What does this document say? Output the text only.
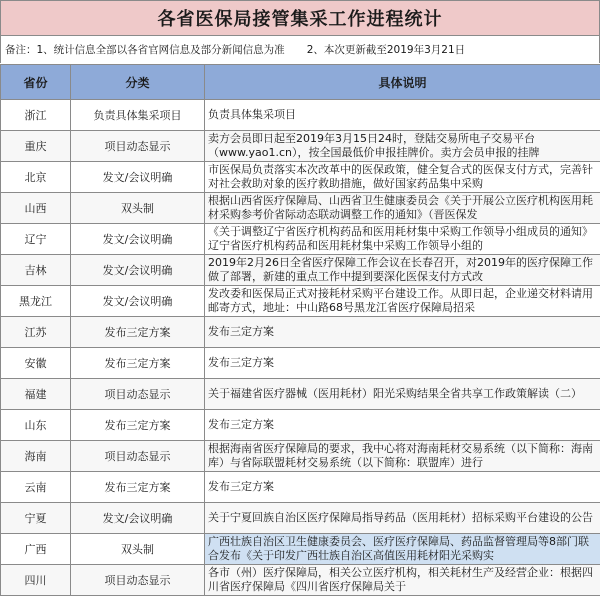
各省医保局接管集采工作进程统计
备注： 1、统计信息全部以各省官网信息及部分新闻信息为准 2、本次更新截至2019年3月21日
省份	分类	具体说明
浙江	负责具体集采项目	负责具体集采项目

重庆	项目动态显示	卖方会员即日起至2019年3月15日24时，登陆交易所电子交易平台（www.yao1.cn），按全国最低价申报挂牌价。卖方会员申报的挂牌

北京	发文/会议明确	市医保局负责落实本次改革中的医保政策，健全复合式的医保支付方式，完善针对社会救助对象的医疗救助措施，做好国家药品集中采购

山西	双头制	根据山西省医疗保障局、山西省卫生健康委员会《关于开展公立医疗机构医用耗材采购参考价省际动态联动调整工作的通知》（晋医保发

辽宁	发文/会议明确	《关于调整辽宁省医疗机构药品和医用耗材集中采购工作领导小组成员的通知》辽宁省医疗机构药品和医用耗材集中采购工作领导小组的

吉林	发文/会议明确	2019年2月26日全省医疗保障工作会议在长春召开，对2019年的医疗保障工作做了部署，新建的重点工作中提到要深化医保支付方式改

黑龙江	发文/会议明确	发改委和医保局正式对接耗材采购平台建设工作。从即日起，企业递交材料请用邮寄方式，地址：中山路68号黑龙江省医疗保障局招采

江苏	发布三定方案	发布三定方案

安徽	发布三定方案	发布三定方案

福建	项目动态显示	关于福建省医疗器械（医用耗材）阳光采购结果全省共享工作政策解读（二）

山东	发布三定方案	发布三定方案

海南	项目动态显示	根据海南省医疗保障局的要求，我中心将对海南耗材交易系统（以下简称：海南库）与省际联盟耗材交易系统（以下简称：联盟库）进行

云南	发布三定方案	发布三定方案

宁夏	发文/会议明确	关于宁夏回族自治区医疗保障局指导药品（医用耗材）招标采购平台建设的公告

广西	双头制	广西壮族自治区卫生健康委员会、医疗医疗保障局、药品监督管理局等8部门联合发布《关于印发广西壮族自治区高值医用耗材阳光采购实

四川	项目动态显示	各市（州）医疗保障局，相关公立医疗机构，相关耗材生产及经营企业：根据四川省医疗保障局《四川省医疗保障局关于
